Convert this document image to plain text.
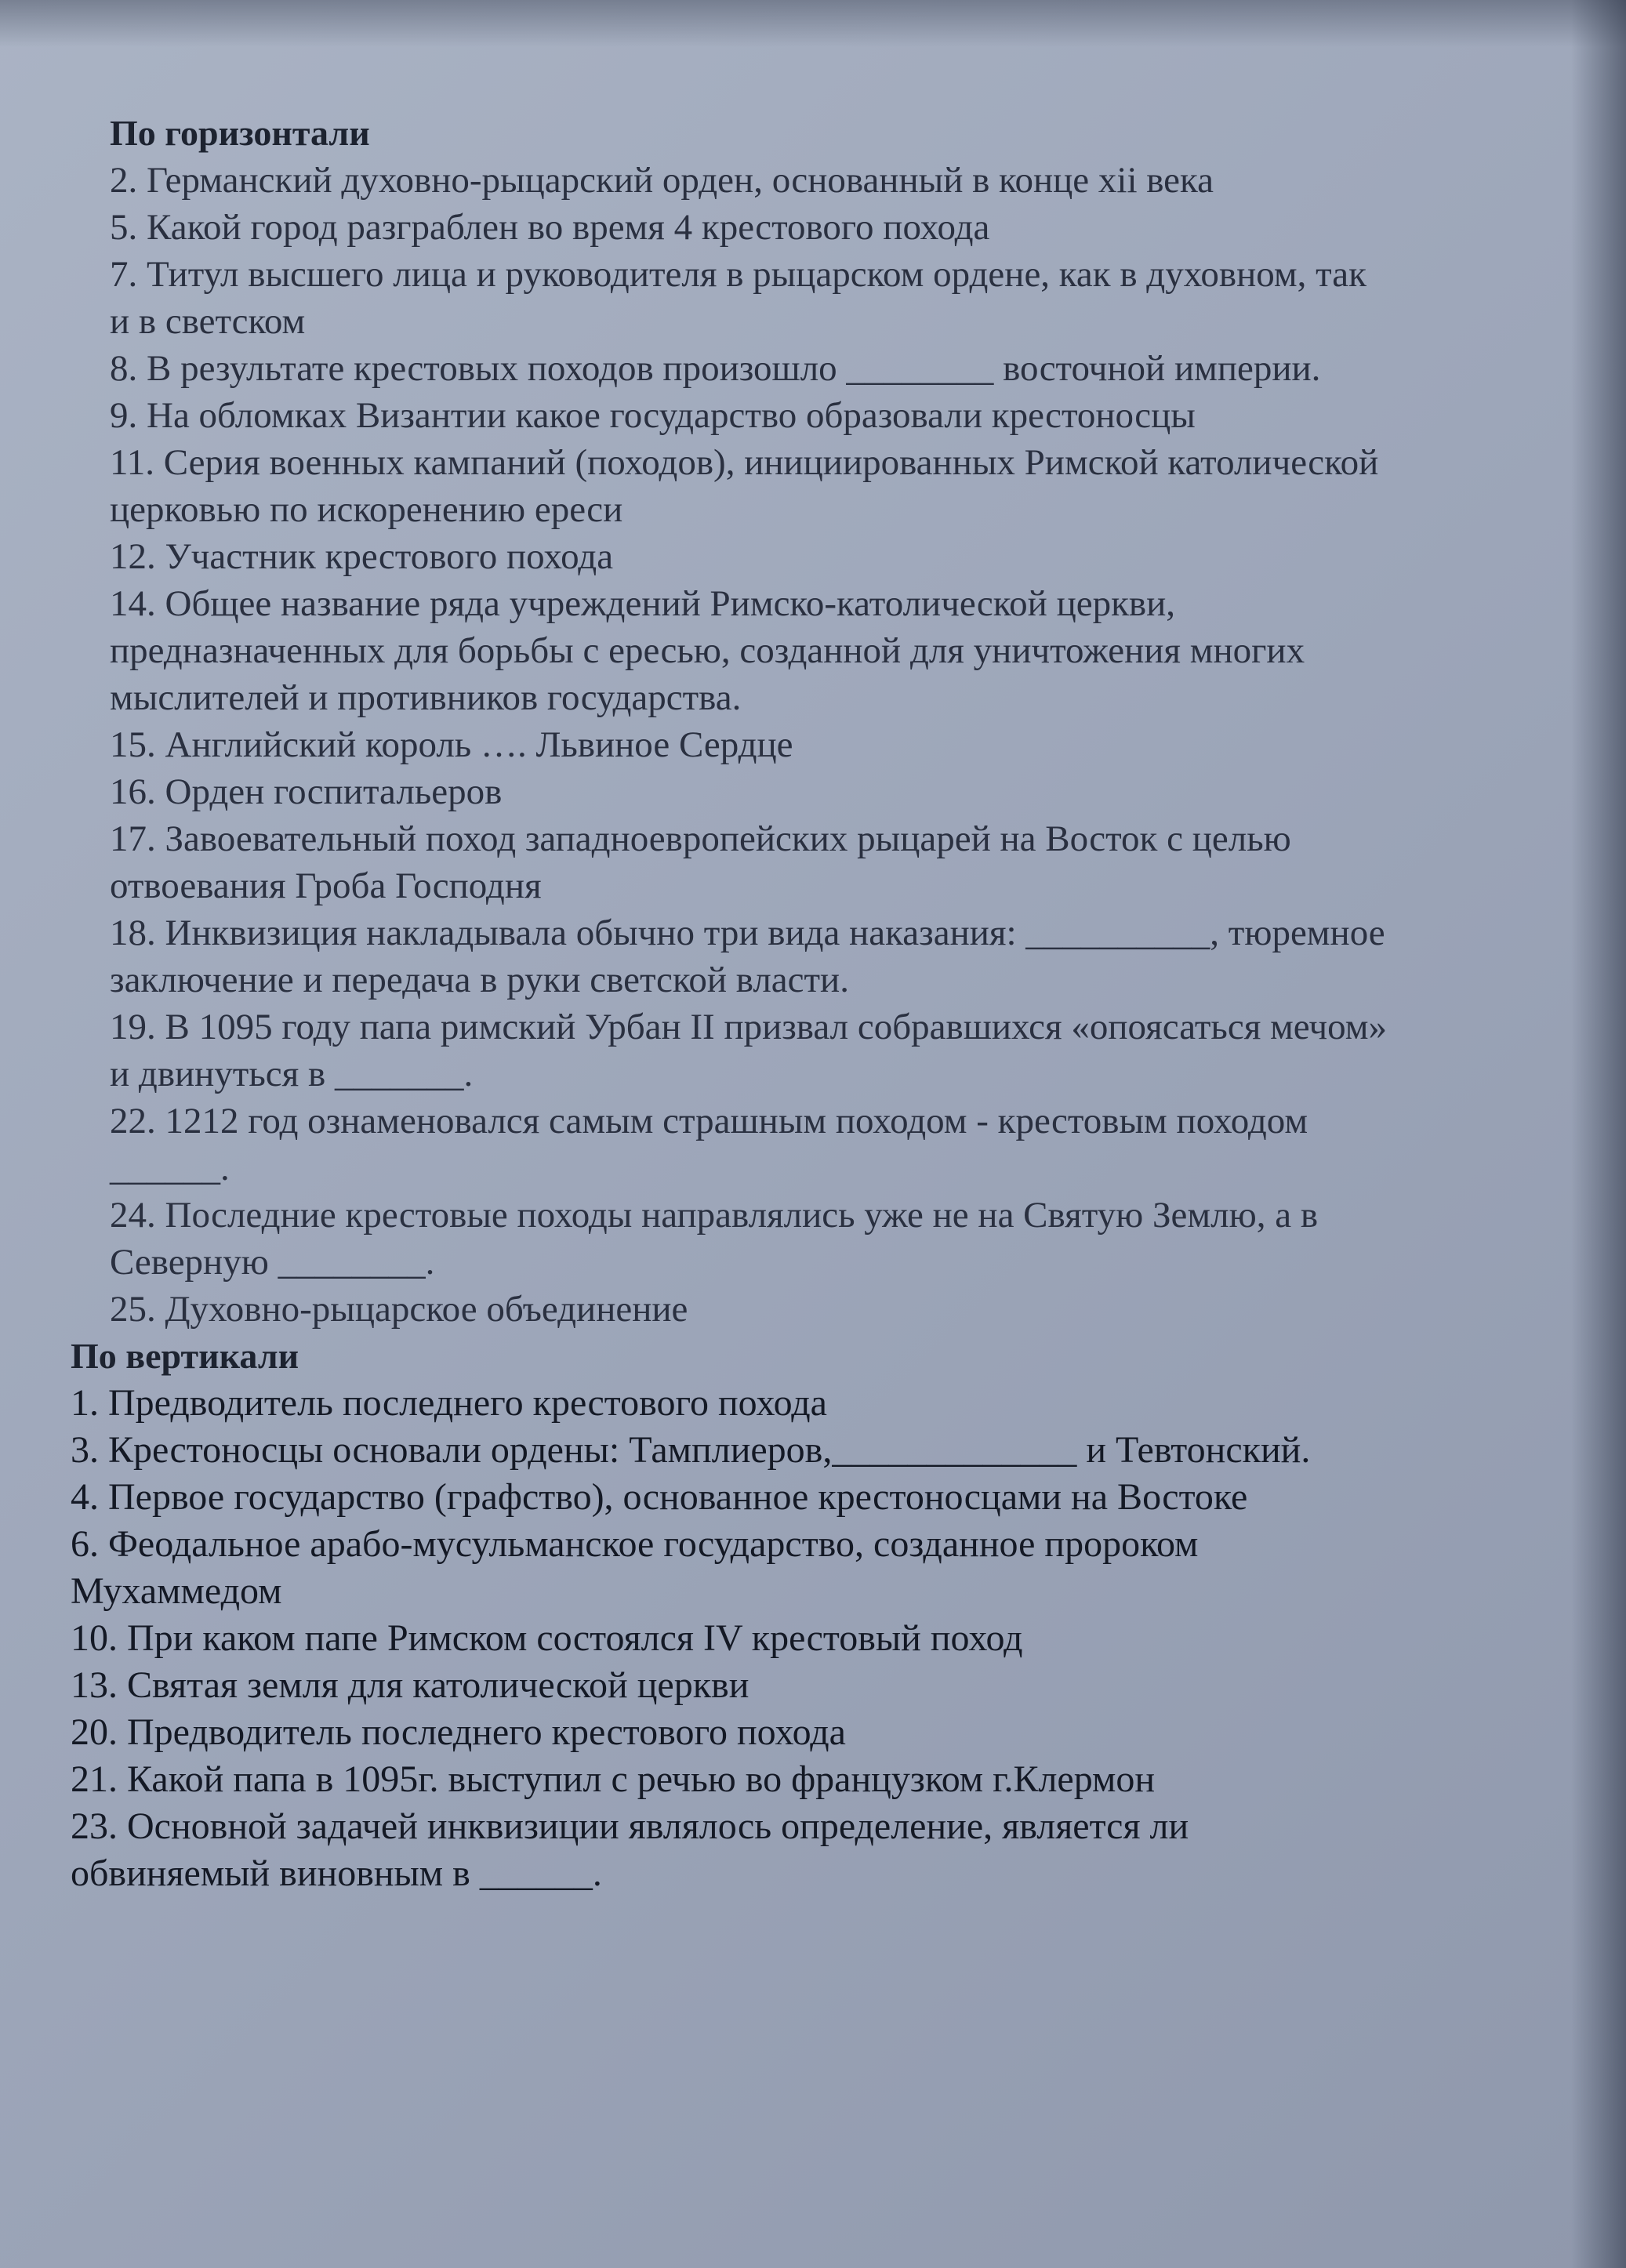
По горизонтали

2. Германский духовно-рыцарский орден, основанный в конце xii века

5. Какой город разграблен во время 4 крестового похода

7. Титул высшего лица и руководителя в рыцарском ордене, как в духовном, так

и в светском

8. В результате крестовых походов произошло ________ восточной империи.

9. На обломках Византии какое государство образовали крестоносцы

11. Серия военных кампаний (походов), инициированных Римской католической

церковью по искоренению ереси

12. Участник крестового похода

14. Общее название ряда учреждений Римско-католической церкви,

предназначенных для борьбы с ересью, созданной для уничтожения многих

мыслителей и противников государства.

15. Английский король …. Львиное Сердце

16. Орден госпитальеров

17. Завоевательный поход западноевропейских рыцарей на Восток с целью

отвоевания Гроба Господня

18. Инквизиция накладывала обычно три вида наказания: __________, тюремное

заключение и передача в руки светской власти.

19. В 1095 году папа римский Урбан II призвал собравшихся «опоясаться мечом»

и двинуться в _______.

22. 1212 год ознаменовался самым страшным походом - крестовым походом

______.

24. Последние крестовые походы направлялись уже не на Святую Землю, а в

Северную ________.

25. Духовно-рыцарское объединение

По вертикали

1. Предводитель последнего крестового похода

3. Крестоносцы основали ордены: Тамплиеров,_____________ и Тевтонский.

4. Первое государство (графство), основанное крестоносцами на Востоке

6. Феодальное арабо-мусульманское государство, созданное пророком

Мухаммедом

10. При каком папе Римском состоялся IV крестовый поход

13. Святая земля для католической церкви

20. Предводитель последнего крестового похода

21. Какой папа в 1095г. выступил с речью во французком г.Клермон

23. Основной задачей инквизиции являлось определение, является ли

обвиняемый виновным в ______.
